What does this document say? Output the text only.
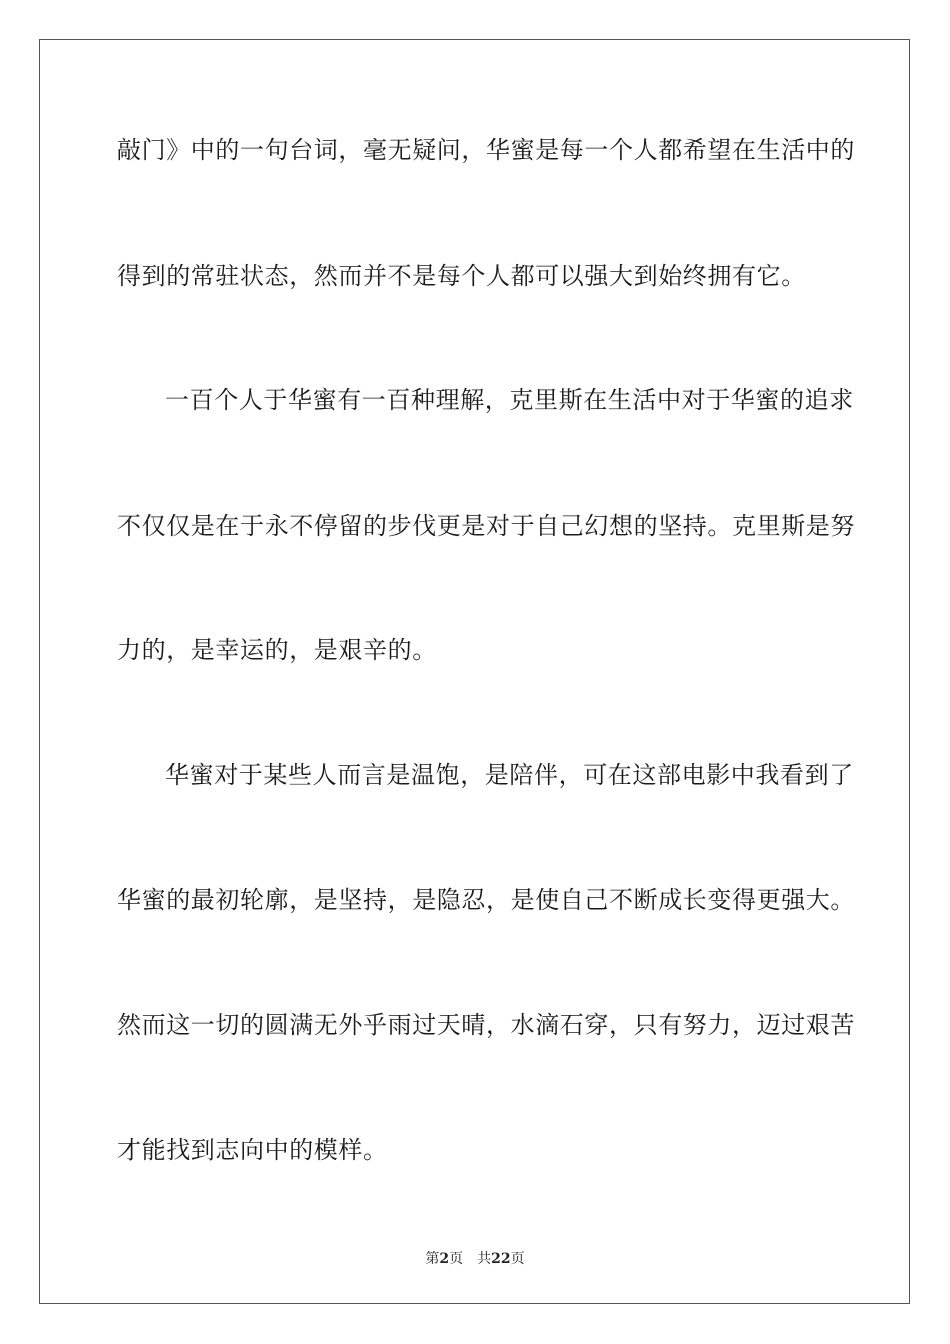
敲门》中的一句台词，毫无疑问，华蜜是每一个人都希望在生活中的
得到的常驻状态，然而并不是每个人都可以强大到始终拥有它。
一百个人于华蜜有一百种理解，克里斯在生活中对于华蜜的追求
不仅仅是在于永不停留的步伐更是对于自己幻想的坚持。克里斯是努
力的，是幸运的，是艰辛的。
华蜜对于某些人而言是温饱，是陪伴，可在这部电影中我看到了
华蜜的最初轮廓，是坚持，是隐忍，是使自己不断成长变得更强大。
然而这一切的圆满无外乎雨过天晴，水滴石穿，只有努力，迈过艰苦
才能找到志向中的模样。
第2页 共22页
